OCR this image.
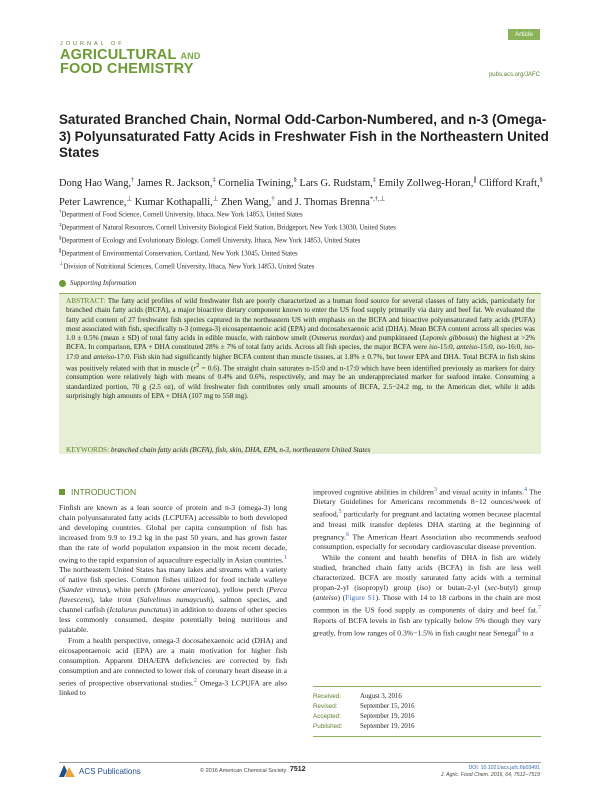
JOURNAL OF
AGRICULTURAL AND
FOOD CHEMISTRY
Article
pubs.acs.org/JAFC
Saturated Branched Chain, Normal Odd-Carbon-Numbered, and n-3 (Omega-3) Polyunsaturated Fatty Acids in Freshwater Fish in the Northeastern United States

Dong Hao Wang,† James R. Jackson,‡ Cornelia Twining,§ Lars G. Rudstam,‡ Emily Zollweg-Horan,∥ Clifford Kraft,§ Peter Lawrence,⊥ Kumar Kothapalli,⊥ Zhen Wang,† and J. Thomas Brenna*,†,⊥

†Department of Food Science, Cornell University, Ithaca, New York 14853, United States
‡Department of Natural Resources, Cornell University Biological Field Station, Bridgeport, New York 13030, United States
§Department of Ecology and Evolutionary Biology, Cornell University, Ithaca, New York 14853, United States
∥Department of Environmental Conservation, Cortland, New York 13045, United States
⊥Division of Nutritional Sciences, Cornell University, Ithaca, New York 14853, United States
Supporting Information

ABSTRACT: The fatty acid profiles of wild freshwater fish are poorly characterized as a human food source for several classes of fatty acids, particularly for branched chain fatty acids (BCFA), a major bioactive dietary component known to enter the US food supply primarily via dairy and beef fat. We evaluated the fatty acid content of 27 freshwater fish species captured in the northeastern US with emphasis on the BCFA and bioactive polyunsaturated fatty acids (PUFA) most associated with fish, specifically n-3 (omega-3) eicosapentaenoic acid (EPA) and docosahexaenoic acid (DHA). Mean BCFA content across all species was 1.0 ± 0.5% (mean ± SD) of total fatty acids in edible muscle, with rainbow smelt (Osmerus mordax) and pumpkinseed (Lepomis gibbosus) the highest at >2% BCFA. In comparison, EPA + DHA constituted 28% ± 7% of total fatty acids. Across all fish species, the major BCFA were iso-15:0, anteiso-15:0, iso-16:0, iso-17:0 and anteiso-17:0. Fish skin had significantly higher BCFA content than muscle tissues, at 1.8% ± 0.7%, but lower EPA and DHA. Total BCFA in fish skins was positively related with that in muscle $(r^2 = 0.6)$. The straight chain saturates n-15:0 and n-17:0 which have been identified previously as markers for dairy consumption were relatively high with means of 0.4% and 0.6%, respectively, and may be an underappreciated marker for seafood intake. Consuming a standardized portion, 70 g (2.5 oz), of wild freshwater fish contributes only small amounts of BCFA, 2.5−24.2 mg, to the American diet, while it adds surprisingly high amounts of EPA + DHA (107 mg to 558 mg).

KEYWORDS: branched chain fatty acids (BCFA), fish, skin, DHA, EPA, n-3, northeastern United States

INTRODUCTION

Finfish are known as a lean source of protein and n-3 (omega-3) long chain polyunsaturated fatty acids (LCPUFA) accessible to both developed and developing countries. Global per capita consumption of fish has increased from 9.9 to 19.2 kg in the past 50 years, and has grown faster than the rate of world population expansion in the most recent decade, owing to the rapid expansion of aquaculture especially in Asian countries.$^1$ The northeastern United States has many lakes and streams with a variety of native fish species. Common fishes utilized for food include walleye (Sander vitreus), white perch (Morone americana), yellow perch (Perca flavescens), lake trout (Salvelinus namaycush), salmon species, and channel catfish (Ictalurus punctatus) in addition to dozens of other species less commonly consumed, despite potentially being nutritious and palatable.

From a health perspective, omega-3 docosahexaenoic acid (DHA) and eicosapentaenoic acid (EPA) are a main motivation for higher fish consumption. Apparent DHA/EPA deficiencies are corrected by fish consumption and are connected to lower risk of coronary heart disease in a series of prospective observational studies.$^2$ Omega-3 LCPUFA are also linked to

improved cognitive abilities in children$^3$ and visual acuity in infants.$^4$ The Dietary Guidelines for Americans recommends 8−12 ounces/week of seafood,$^5$ particularly for pregnant and lactating women because placental and breast milk transfer depletes DHA starting at the beginning of pregnancy.$^6$ The American Heart Association also recommends seafood consumption, especially for secondary cardiovascular disease prevention.

While the content and health benefits of DHA in fish are widely studied, branched chain fatty acids (BCFA) in fish are less well characterized. BCFA are mostly saturated fatty acids with a terminal propan-2-yl (isopropyl) group (iso) or butan-2-yl (sec-butyl) group (anteiso) (Figure S1). Those with 14 to 18 carbons in the chain are most common in the US food supply as components of dairy and beef fat.$^7$ Reports of BCFA levels in fish are typically below 5% though they vary greatly, from low ranges of 0.3%−1.5% in fish caught near Senegal$^8$ to a

Received:	August 3, 2016
Revised:	September 15, 2016
Accepted:	September 19, 2016
Published:	September 19, 2016
ACS Publications	© 2016 American Chemical Society 7512	DOI: 10.1021/acs.jafc.6b03491
J. Agric. Food Chem. 2016, 64, 7512−7519
